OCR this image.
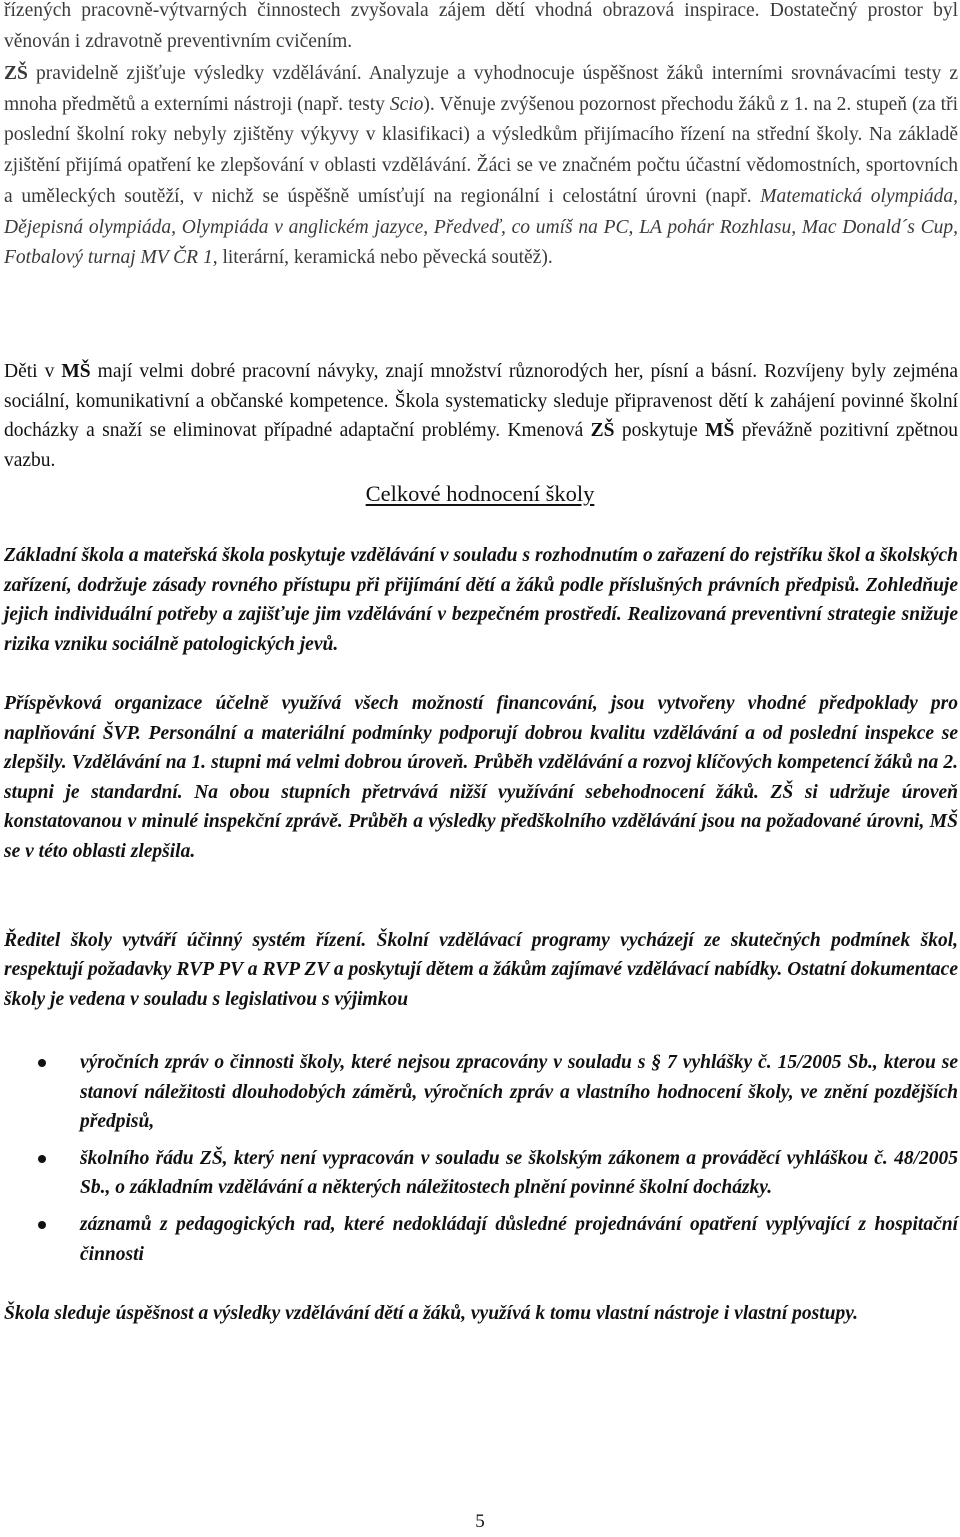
řízených pracovně-výtvarných činnostech zvyšovala zájem dětí vhodná obrazová inspirace. Dostatečný prostor byl věnován i zdravotně preventivním cvičením.

ZŠ pravidelně zjišťuje výsledky vzdělávání. Analyzuje a vyhodnocuje úspěšnost žáků interními srovnávacími testy z mnoha předmětů a externími nástroji (např. testy Scio). Věnuje zvýšenou pozornost přechodu žáků z 1. na 2. stupeň (za tři poslední školní roky nebyly zjištěny výkyvy v klasifikaci) a výsledkům přijímacího řízení na střední školy. Na základě zjištění přijímá opatření ke zlepšování v oblasti vzdělávání. Žáci se ve značném počtu účastní vědomostních, sportovních a uměleckých soutěží, v nichž se úspěšně umísťují na regionální i celostátní úrovni (např. Matematická olympiáda, Dějepisná olympiáda, Olympiáda v anglickém jazyce, Předveď, co umíš na PC, LA pohár Rozhlasu, Mac Donald´s Cup, Fotbalový turnaj MV ČR 1, literární, keramická nebo pěvecká soutěž).

Děti v MŠ mají velmi dobré pracovní návyky, znají množství různorodých her, písní a básní. Rozvíjeny byly zejména sociální, komunikativní a občanské kompetence. Škola systematicky sleduje připravenost dětí k zahájení povinné školní docházky a snaží se eliminovat případné adaptační problémy. Kmenová ZŠ poskytuje MŠ převážně pozitivní zpětnou vazbu.

Celkové hodnocení školy

Základní škola a mateřská škola poskytuje vzdělávání v souladu s rozhodnutím o zařazení do rejstříku škol a školských zařízení, dodržuje zásady rovného přístupu při přijímání dětí a žáků podle příslušných právních předpisů. Zohledňuje jejich individuální potřeby a zajišťuje jim vzdělávání v bezpečném prostředí. Realizovaná preventivní strategie snižuje rizika vzniku sociálně patologických jevů.

Příspěvková organizace účelně využívá všech možností financování, jsou vytvořeny vhodné předpoklady pro naplňování ŠVP. Personální a materiální podmínky podporují dobrou kvalitu vzdělávání a od poslední inspekce se zlepšily. Vzdělávání na 1. stupni má velmi dobrou úroveň. Průběh vzdělávání a rozvoj klíčových kompetencí žáků na 2. stupni je standardní. Na obou stupních přetrvává nižší využívání sebehodnocení žáků. ZŠ si udržuje úroveň konstatovanou v minulé inspekční zprávě. Průběh a výsledky předškolního vzdělávání jsou na požadované úrovni, MŠ se v této oblasti zlepšila.

Ředitel školy vytváří účinný systém řízení. Školní vzdělávací programy vycházejí ze skutečných podmínek škol, respektují požadavky RVP PV a RVP ZV a poskytují dětem a žákům zajímavé vzdělávací nabídky. Ostatní dokumentace školy je vedena v souladu s legislativou s výjimkou

výročních zpráv o činnosti školy, které nejsou zpracovány v souladu s § 7 vyhlášky č. 15/2005 Sb., kterou se stanoví náležitosti dlouhodobých záměrů, výročních zpráv a vlastního hodnocení školy, ve znění pozdějších předpisů,
školního řádu ZŠ, který není vypracován v souladu se školským zákonem a prováděcí vyhláškou č. 48/2005 Sb., o základním vzdělávání a některých náležitostech plnění povinné školní docházky.
záznamů z pedagogických rad, které nedokládají důsledné projednávání opatření vyplývající z hospitační činnosti

Škola sleduje úspěšnost a výsledky vzdělávání dětí a žáků, využívá k tomu vlastní nástroje i vlastní postupy.

5
